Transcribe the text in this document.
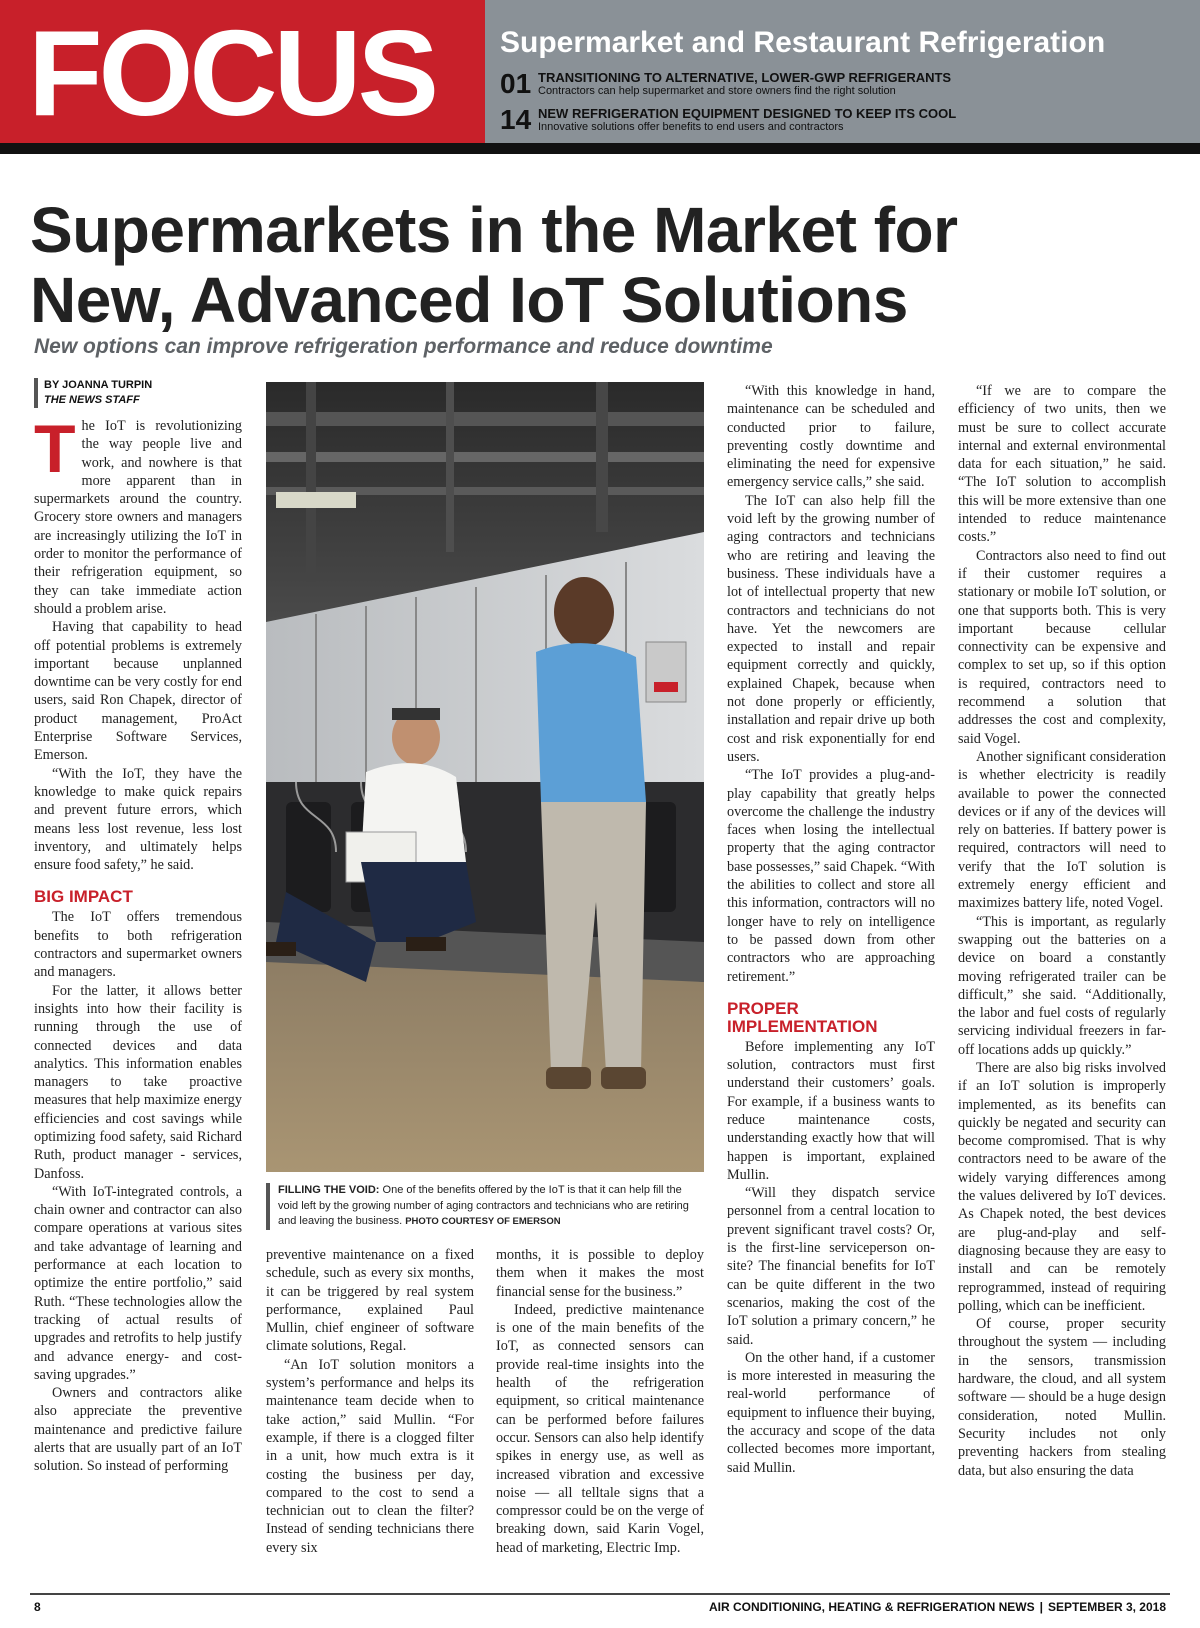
FOCUS Supermarket and Restaurant Refrigeration
01 TRANSITIONING TO ALTERNATIVE, LOWER-GWP REFRIGERANTS
Contractors can help supermarket and store owners find the right solution
14 NEW REFRIGERATION EQUIPMENT DESIGNED TO KEEP ITS COOL
Innovative solutions offer benefits to end users and contractors
Supermarkets in the Market for
New, Advanced IoT Solutions
New options can improve refrigeration performance and reduce downtime
BY JOANNA TURPIN
THE NEWS STAFF

The IoT is revolutionizing the way people live and work, and nowhere is that more apparent than in supermarkets around the country. Grocery store owners and managers are increasingly utilizing the IoT in order to monitor the performance of their refrigeration equipment, so they can take immediate action should a problem arise.

Having that capability to head off potential problems is extremely important because unplanned downtime can be very costly for end users, said Ron Chapek, director of product management, ProAct Enterprise Software Services, Emerson.

“With the IoT, they have the knowledge to make quick repairs and prevent future errors, which means less lost revenue, less lost inventory, and ultimately helps ensure food safety,” he said.

BIG IMPACT

The IoT offers tremendous benefits to both refrigeration contractors and supermarket owners and managers.

For the latter, it allows better insights into how their facility is running through the use of connected devices and data analytics. This information enables managers to take proactive measures that help maximize energy efficiencies and cost savings while optimizing food safety, said Richard Ruth, product manager - services, Danfoss.

“With IoT-integrated controls, a chain owner and contractor can also compare operations at various sites and take advantage of learning and performance at each location to optimize the entire portfolio,” said Ruth. “These technologies allow the tracking of actual results of upgrades and retrofits to help justify and advance energy- and cost-saving upgrades.”

Owners and contractors alike also appreciate the preventive maintenance and predictive failure alerts that are usually part of an IoT solution. So instead of performing

FILLING THE VOID: One of the benefits offered by the IoT is that it can help fill the void left by the growing number of aging contractors and technicians who are retiring and leaving the business. PHOTO COURTESY OF EMERSON

preventive maintenance on a fixed schedule, such as every six months, it can be triggered by real system performance, explained Paul Mullin, chief engineer of software climate solutions, Regal.

“An IoT solution monitors a system’s performance and helps its maintenance team decide when to take action,” said Mullin. “For example, if there is a clogged filter in a unit, how much extra is it costing the business per day, compared to the cost to send a technician out to clean the filter? Instead of sending technicians there every six

months, it is possible to deploy them when it makes the most financial sense for the business.”

Indeed, predictive maintenance is one of the main benefits of the IoT, as connected sensors can provide real-time insights into the health of the refrigeration equipment, so critical maintenance can be performed before failures occur. Sensors can also help identify spikes in energy use, as well as increased vibration and excessive noise — all telltale signs that a compressor could be on the verge of breaking down, said Karin Vogel, head of marketing, Electric Imp.

“With this knowledge in hand, maintenance can be scheduled and conducted prior to failure, preventing costly downtime and eliminating the need for expensive emergency service calls,” she said.

The IoT can also help fill the void left by the growing number of aging contractors and technicians who are retiring and leaving the business. These individuals have a lot of intellectual property that new contractors and technicians do not have. Yet the newcomers are expected to install and repair equipment correctly and quickly, explained Chapek, because when not done properly or efficiently, installation and repair drive up both cost and risk exponentially for end users.

“The IoT provides a plug-and-play capability that greatly helps overcome the challenge the industry faces when losing the intellectual property that the aging contractor base possesses,” said Chapek. “With the abilities to collect and store all this information, contractors will no longer have to rely on intelligence to be passed down from other contractors who are approaching retirement.”

PROPER IMPLEMENTATION

Before implementing any IoT solution, contractors must first understand their customers’ goals. For example, if a business wants to reduce maintenance costs, understanding exactly how that will happen is important, explained Mullin.

“Will they dispatch service personnel from a central location to prevent significant travel costs? Or, is the first-line serviceperson on-site? The financial benefits for IoT can be quite different in the two scenarios, making the cost of the IoT solution a primary concern,” he said.

On the other hand, if a customer is more interested in measuring the real-world performance of equipment to influence their buying, the accuracy and scope of the data collected becomes more important, said Mullin.

“If we are to compare the efficiency of two units, then we must be sure to collect accurate internal and external environmental data for each situation,” he said. “The IoT solution to accomplish this will be more extensive than one intended to reduce maintenance costs.”

Contractors also need to find out if their customer requires a stationary or mobile IoT solution, or one that supports both. This is very important because cellular connectivity can be expensive and complex to set up, so if this option is required, contractors need to recommend a solution that addresses the cost and complexity, said Vogel.

Another significant consideration is whether electricity is readily available to power the connected devices or if any of the devices will rely on batteries. If battery power is required, contractors will need to verify that the IoT solution is extremely energy efficient and maximizes battery life, noted Vogel.

“This is important, as regularly swapping out the batteries on a device on board a constantly moving refrigerated trailer can be difficult,” she said. “Additionally, the labor and fuel costs of regularly servicing individual freezers in far-off locations adds up quickly.”

There are also big risks involved if an IoT solution is improperly implemented, as its benefits can quickly be negated and security can become compromised. That is why contractors need to be aware of the widely varying differences among the values delivered by IoT devices. As Chapek noted, the best devices are plug-and-play and self-diagnosing because they are easy to install and can be remotely reprogrammed, instead of requiring polling, which can be inefficient.

Of course, proper security throughout the system — including in the sensors, transmission hardware, the cloud, and all system software — should be a huge design consideration, noted Mullin. Security includes not only preventing hackers from stealing data, but also ensuring the data

8	AIR CONDITIONING, HEATING & REFRIGERATION NEWS | SEPTEMBER 3, 2018
